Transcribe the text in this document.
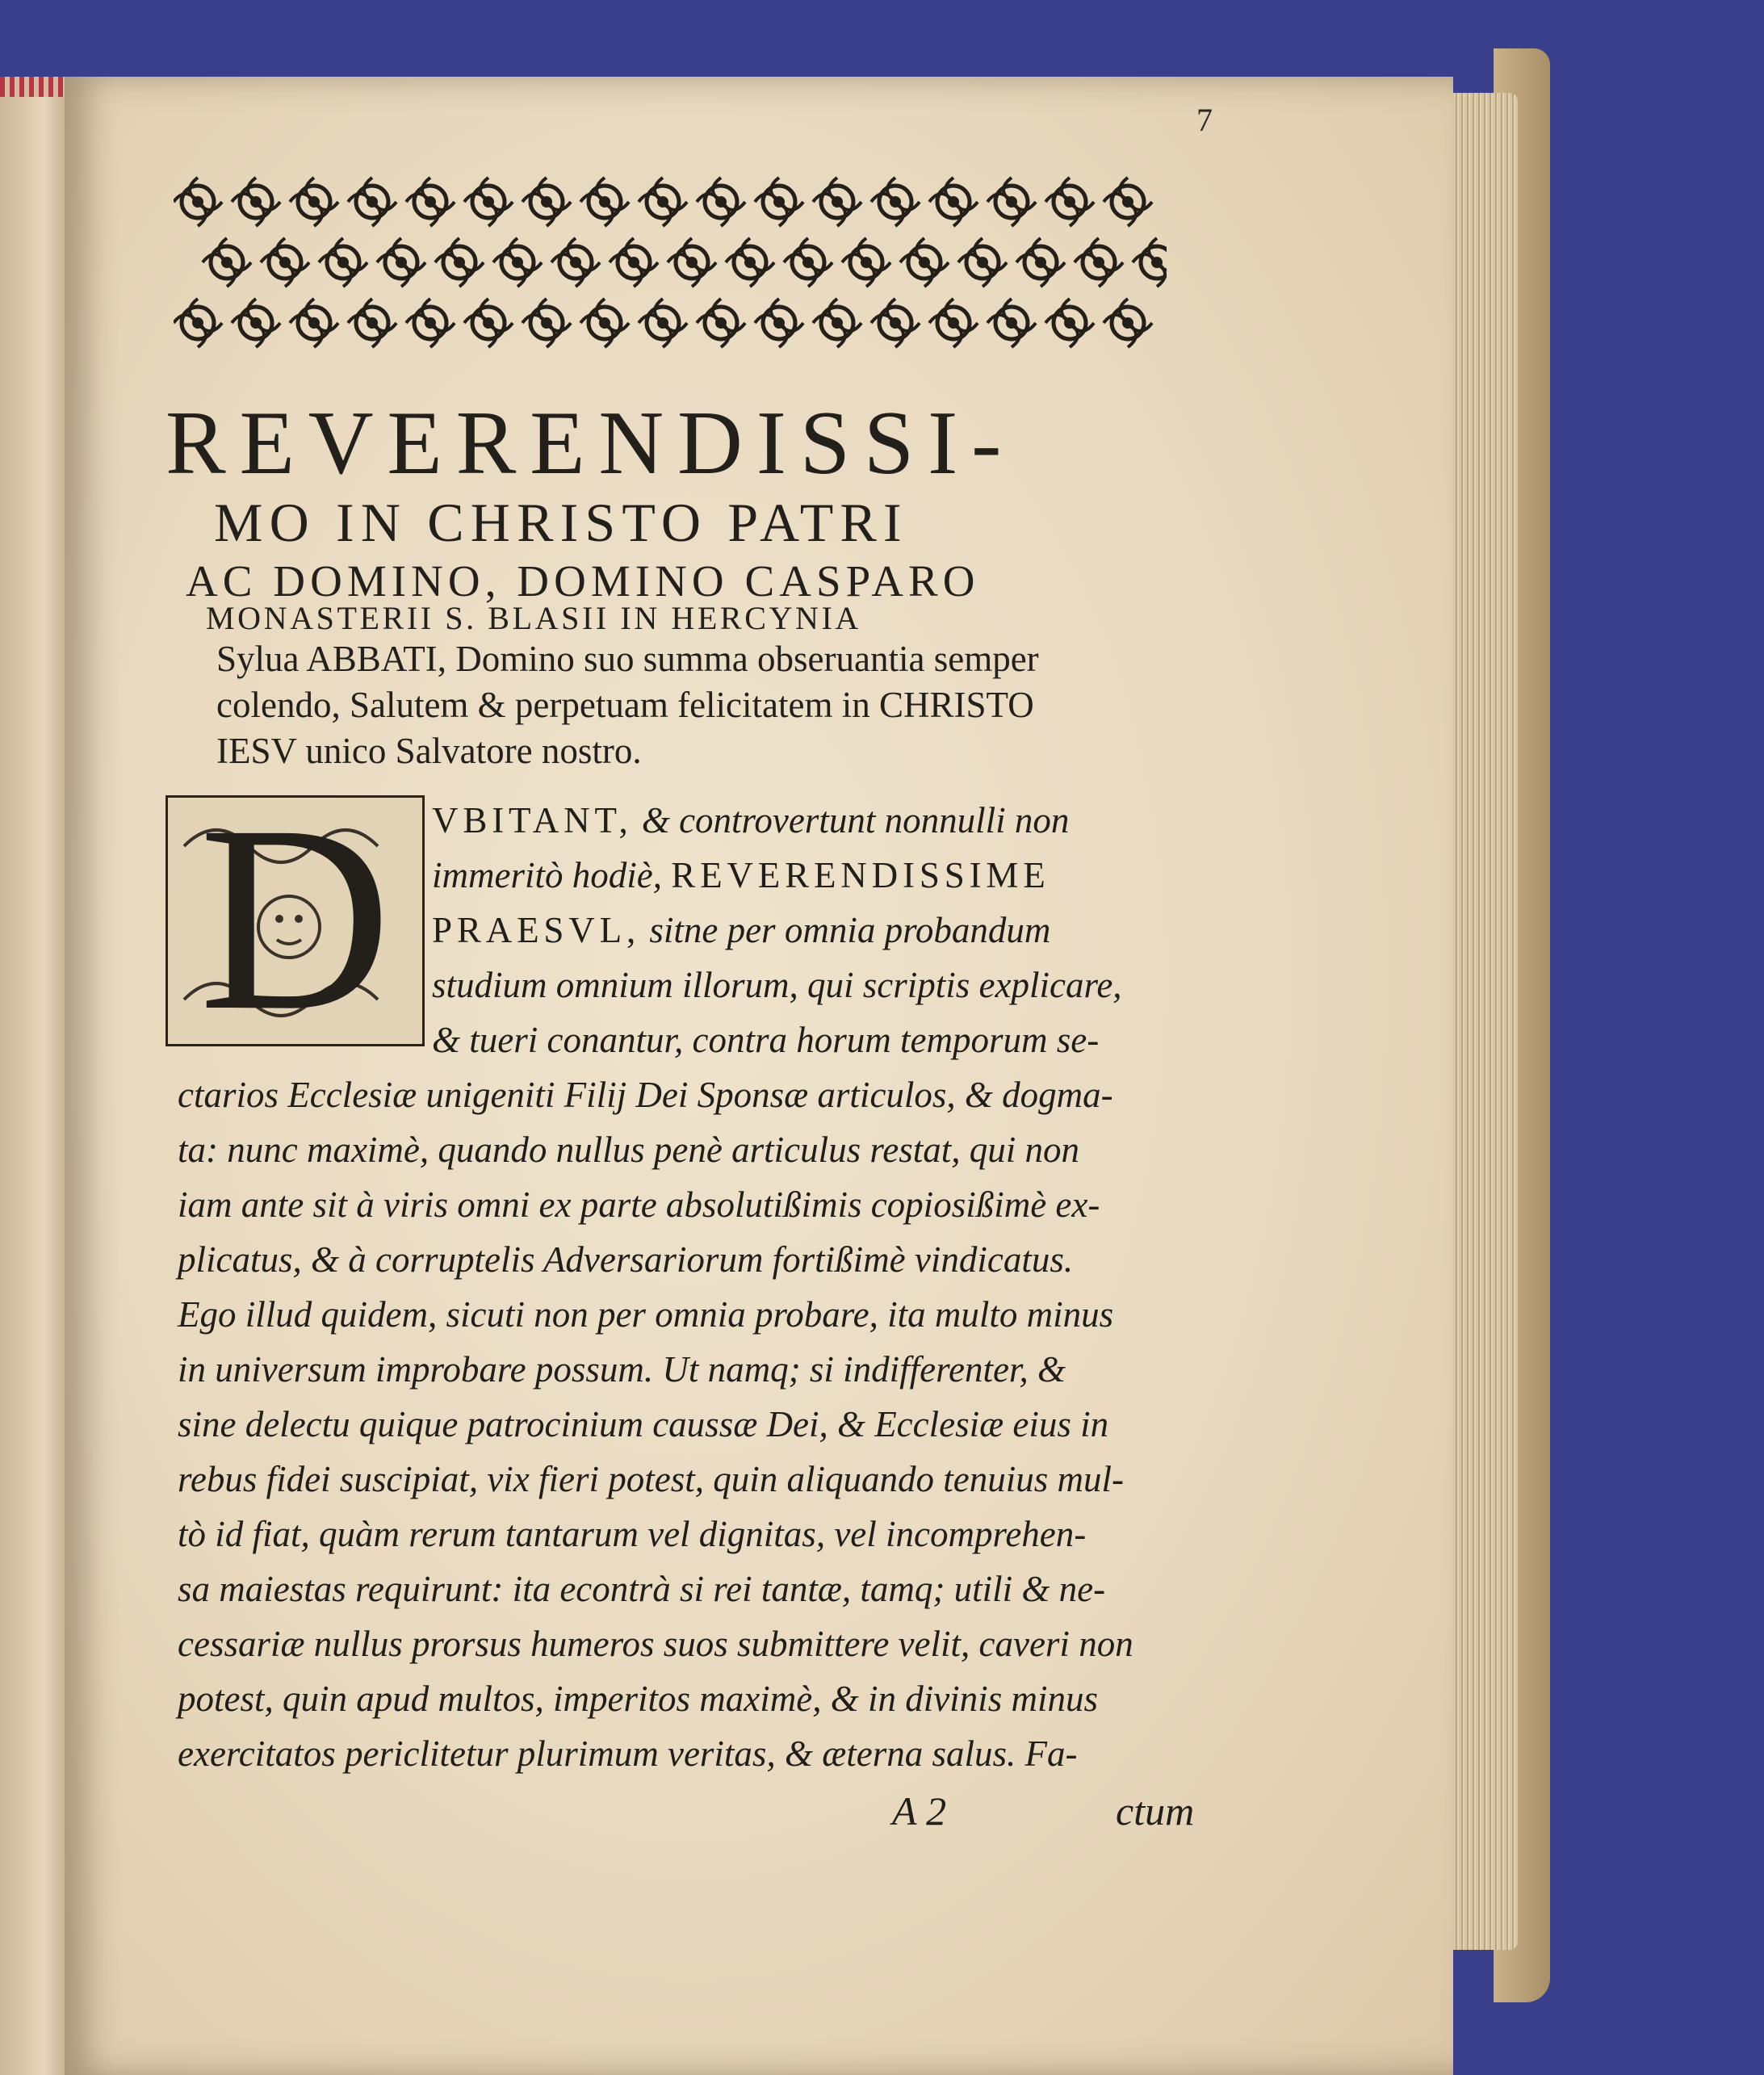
7
REVERENDISSI-
MO IN CHRISTO PATRI
AC DOMINO, DOMINO CASPARO
MONASTERII S. BLASII IN HERCYNIA
Sylua ABBATI, Domino suo summa obseruantia semper
colendo, Salutem & perpetuam felicitatem in CHRISTO
IESV unico Salvatore nostro.
D	VBITANT, & controvertunt nonnulli non
immeritò hodiè, REVERENDISSIME
PRAESVL, sitne per omnia probandum
studium omnium illorum, qui scriptis explicare,
& tueri conantur, contra horum temporum se-
ctarios Ecclesiæ unigeniti Filij Dei Sponsæ articulos, & dogma-
ta: nunc maximè, quando nullus penè articulus restat, qui non
iam ante sit à viris omni ex parte absolutißimis copiosißimè ex-
plicatus, & à corruptelis Adversariorum fortißimè vindicatus.
Ego illud quidem, sicuti non per omnia probare, ita multo minus
in universum improbare possum. Ut namq; si indifferenter, &
sine delectu quique patrocinium caussæ Dei, & Ecclesiæ eius in
rebus fidei suscipiat, vix fieri potest, quin aliquando tenuius mul-
tò id fiat, quàm rerum tantarum vel dignitas, vel incomprehen-
sa maiestas requirunt: ita econtrà si rei tantæ, tamq; utili & ne-
cessariæ nullus prorsus humeros suos submittere velit, caveri non
potest, quin apud multos, imperitos maximè, & in divinis minus
exercitatos periclitetur plurimum veritas, & æterna salus. Fa-
A 2	ctum
